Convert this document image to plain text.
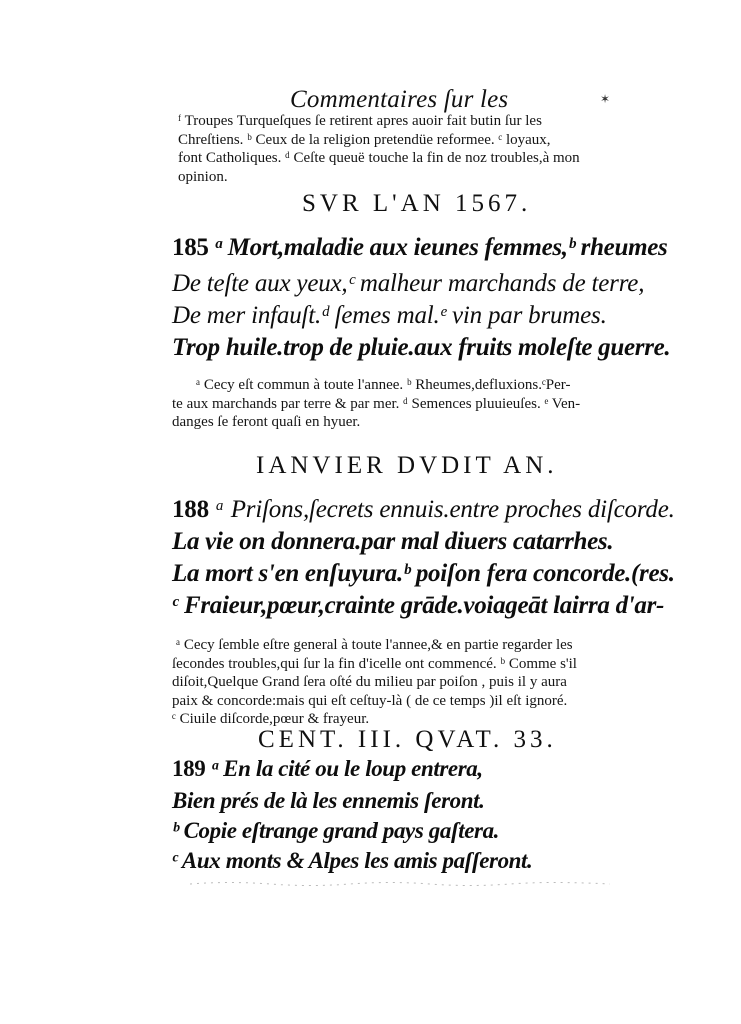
Commentaires ſur les	✶

ᶠ Troupes Turqueſques ſe retirent apres auoir fait butin ſur les

Chreſtiens. ᵇ Ceux de la religion pretendüe reformee. ᶜ loyaux,

font Catholiques. ᵈ Ceſte queuë touche la fin de noz troubles,à mon

opinion.

SVR L'AN 1567.
185 ᵃ Mort,maladie aux ieunes femmes,ᵇ rheumes
De teſte aux yeux,ᶜ malheur marchands de terre,
De mer infauſt.ᵈ ſemes mal.ᵉ vin par brumes.
Trop huile.trop de pluie.aux fruits moleſte guerre.

ᵃ Cecy eſt commun à toute l'annee. ᵇ Rheumes,defluxions.ᶜPer-

te aux marchands par terre & par mer. ᵈ Semences pluuieuſes. ᵉ Ven-

danges ſe feront quaſi en hyuer.

IANVIER DVDIT AN.
188 ᵃ Priſons,ſecrets ennuis.entre proches diſcorde.
La vie on donnera.par mal diuers catarrhes.
La mort s'en enſuyura.ᵇ poiſon fera concorde.(res.
ᶜ Fraieur,pœur,crainte grāde.voiageāt lairra d'ar-

ᵃ Cecy ſemble eſtre general à toute l'annee,& en partie regarder les

ſecondes troubles,qui ſur la fin d'icelle ont commencé. ᵇ Comme s'il

diſoit,Quelque Grand ſera oſté du milieu par poiſon , puis il y aura

paix & concorde:mais qui eſt ceſtuy-là ( de ce temps )il eſt ignoré.

ᶜ Ciuile diſcorde,pœur & frayeur.

CENT. III. QVAT. 33.
189 ᵃ En la cité ou le loup entrera,
Bien prés de là les ennemis ſeront.
ᵇ Copie eſtrange grand pays gaſtera.
ᶜ Aux monts & Alpes les amis paſſeront.
